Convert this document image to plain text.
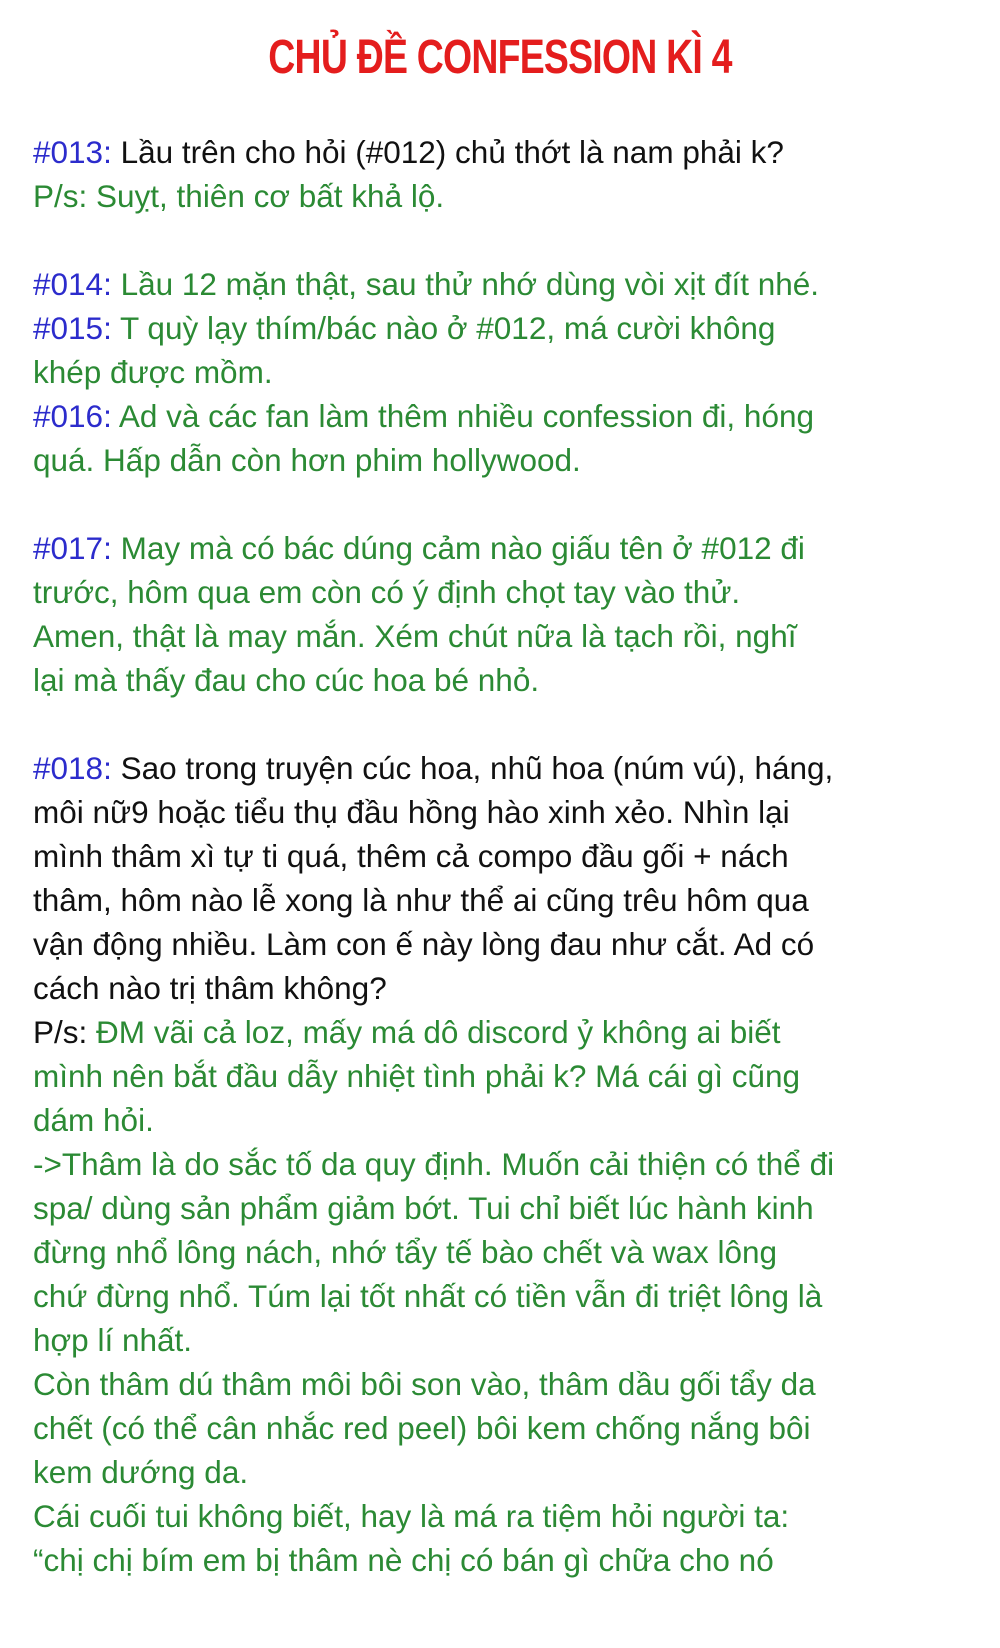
CHỦ ĐỀ CONFESSION KÌ 4
#013: Lầu trên cho hỏi (#012) chủ thớt là nam phải k?
P/s: Suỵt, thiên cơ bất khả lộ.
#014: Lầu 12 mặn thật, sau thử nhớ dùng vòi xịt đít nhé.
#015: T quỳ lạy thím/bác nào ở #012, má cười không
khép được mồm.
#016: Ad và các fan làm thêm nhiều confession đi, hóng
quá. Hấp dẫn còn hơn phim hollywood.
#017: May mà có bác dúng cảm nào giấu tên ở #012 đi
trước, hôm qua em còn có ý định chọt tay vào thử.
Amen, thật là may mắn. Xém chút nữa là tạch rồi, nghĩ
lại mà thấy đau cho cúc hoa bé nhỏ.
#018: Sao trong truyện cúc hoa, nhũ hoa (núm vú), háng,
môi nữ9 hoặc tiểu thụ đầu hồng hào xinh xẻo. Nhìn lại
mình thâm xì tự ti quá, thêm cả compo đầu gối + nách
thâm, hôm nào lễ xong là như thể ai cũng trêu hôm qua
vận động nhiều. Làm con ế này lòng đau như cắt. Ad có
cách nào trị thâm không?
P/s: ĐM vãi cả loz, mấy má dô discord ỷ không ai biết
mình nên bắt đầu dẫy nhiệt tình phải k? Má cái gì cũng
dám hỏi.
->Thâm là do sắc tố da quy định. Muốn cải thiện có thể đi
spa/ dùng sản phẩm giảm bớt. Tui chỉ biết lúc hành kinh
đừng nhổ lông nách, nhớ tẩy tế bào chết và wax lông
chứ đừng nhổ. Túm lại tốt nhất có tiền vẫn đi triệt lông là
hợp lí nhất.
Còn thâm dú thâm môi bôi son vào, thâm dầu gối tẩy da
chết (có thể cân nhắc red peel) bôi kem chống nắng bôi
kem dướng da.
Cái cuối tui không biết, hay là má ra tiệm hỏi người ta:
“chị chị bím em bị thâm nè chị có bán gì chữa cho nó
